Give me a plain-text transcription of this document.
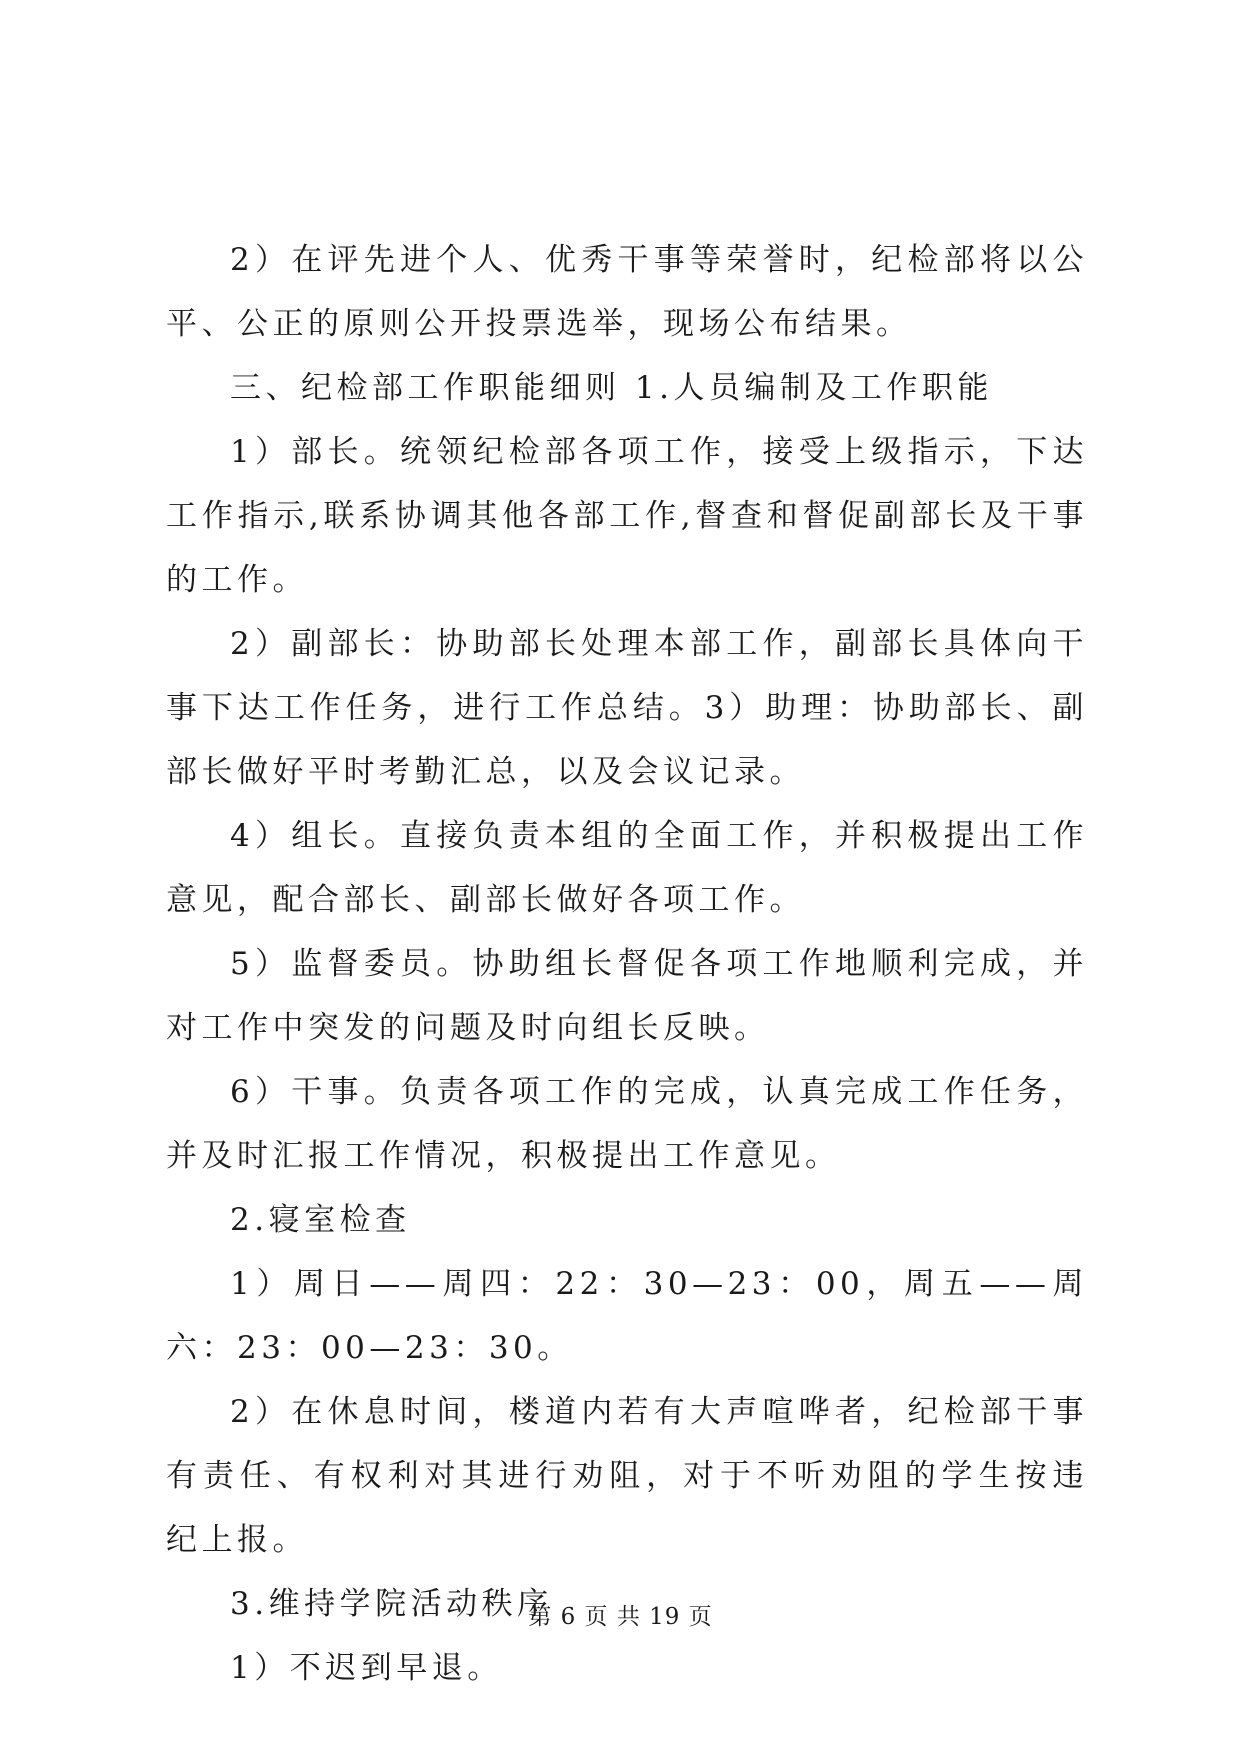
2）在评先进个人、优秀干事等荣誉时，纪检部将以公平、公正的原则公开投票选举，现场公布结果。

三、纪检部工作职能细则 1.人员编制及工作职能

1）部长。统领纪检部各项工作，接受上级指示，下达工作指示,联系协调其他各部工作,督查和督促副部长及干事的工作。

2）副部长：协助部长处理本部工作，副部长具体向干事下达工作任务，进行工作总结。3）助理：协助部长、副部长做好平时考勤汇总，以及会议记录。

4）组长。直接负责本组的全面工作，并积极提出工作意见，配合部长、副部长做好各项工作。

5）监督委员。协助组长督促各项工作地顺利完成，并对工作中突发的问题及时向组长反映。

6）干事。负责各项工作的完成，认真完成工作任务，并及时汇报工作情况，积极提出工作意见。

2.寝室检查

1）周日——周四：22：30—23：00，周五——周六：23：00—23：30。

2）在休息时间，楼道内若有大声喧哗者，纪检部干事有责任、有权利对其进行劝阻，对于不听劝阻的学生按违纪上报。

3.维持学院活动秩序

1）不迟到早退。

第 6 页 共 19 页
